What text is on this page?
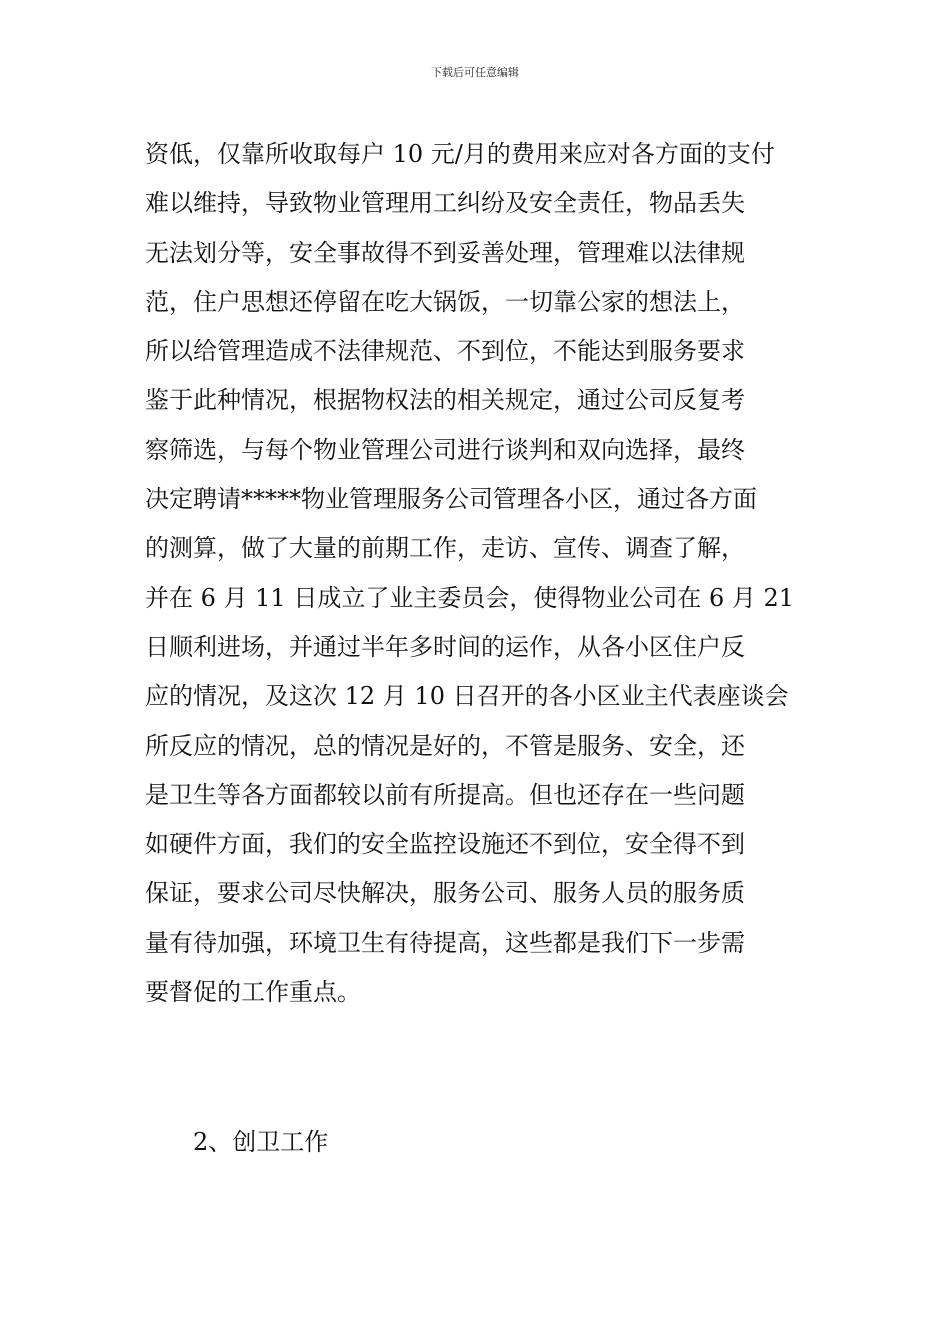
下载后可任意编辑
资低，仅靠所收取每户 10 元/月的费用来应对各方面的支付
难以维持，导致物业管理用工纠纷及安全责任，物品丢失
无法划分等，安全事故得不到妥善处理，管理难以法律规
范，住户思想还停留在吃大锅饭，一切靠公家的想法上，
所以给管理造成不法律规范、不到位，不能达到服务要求
鉴于此种情况，根据物权法的相关规定，通过公司反复考
察筛选，与每个物业管理公司进行谈判和双向选择，最终
决定聘请*****物业管理服务公司管理各小区，通过各方面
的测算，做了大量的前期工作，走访、宣传、调查了解，
并在 6 月 11 日成立了业主委员会，使得物业公司在 6 月 21
日顺利进场，并通过半年多时间的运作，从各小区住户反
应的情况，及这次 12 月 10 日召开的各小区业主代表座谈会
所反应的情况，总的情况是好的，不管是服务、安全，还
是卫生等各方面都较以前有所提高。但也还存在一些问题
如硬件方面，我们的安全监控设施还不到位，安全得不到
保证，要求公司尽快解决，服务公司、服务人员的服务质
量有待加强，环境卫生有待提高，这些都是我们下一步需
要督促的工作重点。
2、创卫工作
